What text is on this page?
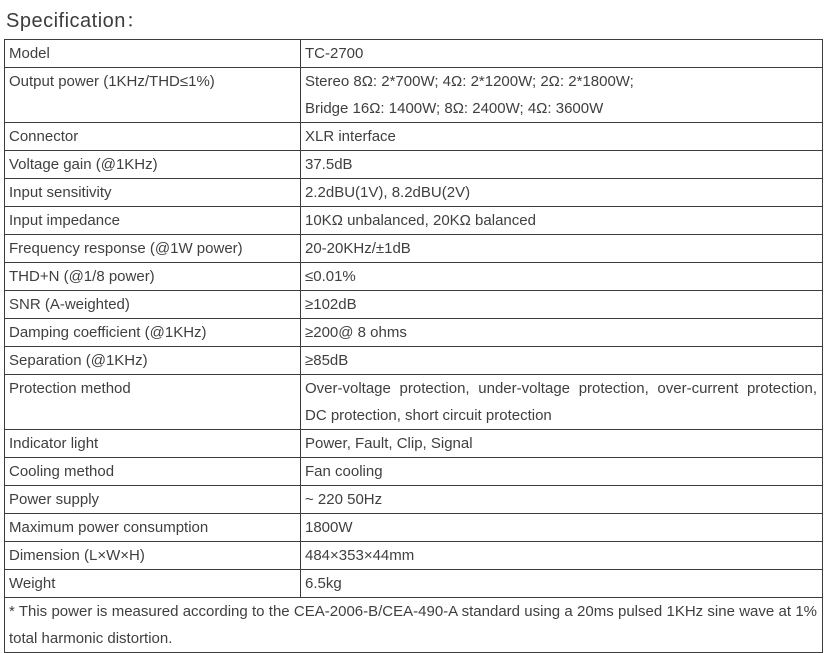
Specification：
Model	TC-2700

Output power (1KHz/THD≤1%)	Stereo 8Ω: 2*700W; 4Ω: 2*1200W; 2Ω: 2*1800W;
Bridge 16Ω: 1400W; 8Ω: 2400W; 4Ω: 3600W

Connector	XLR interface

Voltage gain (@1KHz)	37.5dB

Input sensitivity	2.2dBU(1V), 8.2dBU(2V)

Input impedance	10KΩ unbalanced, 20KΩ balanced

Frequency response (@1W power)	20-20KHz/±1dB

THD+N (@1/8 power)	≤0.01%

SNR (A-weighted)	≥102dB

Damping coefficient (@1KHz)	≥200@ 8 ohms

Separation (@1KHz)	≥85dB

Protection method	Over-voltage protection, under-voltage protection, over-current protection, DC protection, short circuit protection

Indicator light	Power, Fault, Clip, Signal

Cooling method	Fan cooling

Power supply	~ 220 50Hz

Maximum power consumption	1800W

Dimension (L×W×H)	484×353×44mm

Weight	6.5kg

* This power is measured according to the CEA-2006-B/CEA-490-A standard using a 20ms pulsed 1KHz sine wave at 1% total harmonic distortion.	
